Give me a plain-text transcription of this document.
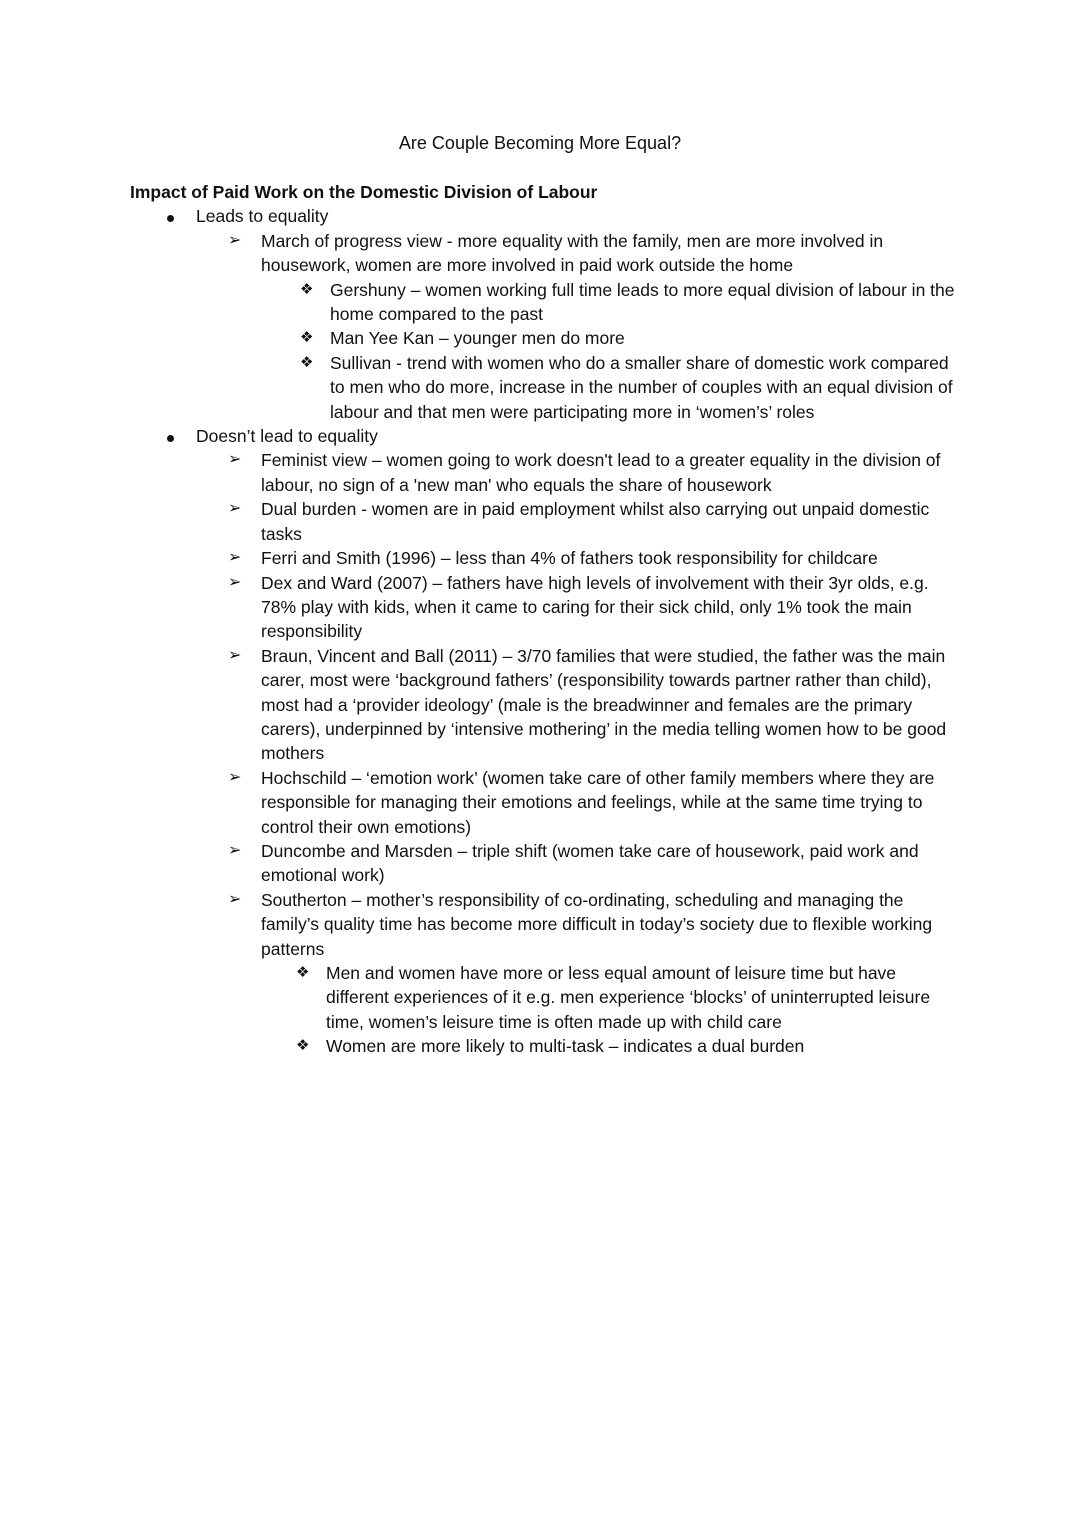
Are Couple Becoming More Equal?

Impact of Paid Work on the Domestic Division of Labour

Leads to equality
➢ March of progress view - more equality with the family, men are more involved in housework, women are more involved in paid work outside the home
❖ Gershuny – women working full time leads to more equal division of labour in the home compared to the past
❖ Man Yee Kan – younger men do more
❖ Sullivan - trend with women who do a smaller share of domestic work compared to men who do more, increase in the number of couples with an equal division of labour and that men were participating more in ‘women’s’ roles
Doesn’t lead to equality
➢ Feminist view – women going to work doesn't lead to a greater equality in the division of labour, no sign of a 'new man' who equals the share of housework
➢ Dual burden - women are in paid employment whilst also carrying out unpaid domestic tasks
➢ Ferri and Smith (1996) – less than 4% of fathers took responsibility for childcare
➢ Dex and Ward (2007) – fathers have high levels of involvement with their 3yr olds, e.g. 78% play with kids, when it came to caring for their sick child, only 1% took the main responsibility
➢ Braun, Vincent and Ball (2011) – 3/70 families that were studied, the father was the main carer, most were ‘background fathers’ (responsibility towards partner rather than child), most had a ‘provider ideology’ (male is the breadwinner and females are the primary carers), underpinned by ‘intensive mothering’ in the media telling women how to be good mothers
➢ Hochschild – ‘emotion work’ (women take care of other family members where they are responsible for managing their emotions and feelings, while at the same time trying to control their own emotions)
➢ Duncombe and Marsden – triple shift (women take care of housework, paid work and emotional work)
➢ Southerton – mother’s responsibility of co-ordinating, scheduling and managing the family’s quality time has become more difficult in today’s society due to flexible working patterns
❖ Men and women have more or less equal amount of leisure time but have different experiences of it e.g. men experience ‘blocks’ of uninterrupted leisure time, women’s leisure time is often made up with child care
❖ Women are more likely to multi-task – indicates a dual burden
